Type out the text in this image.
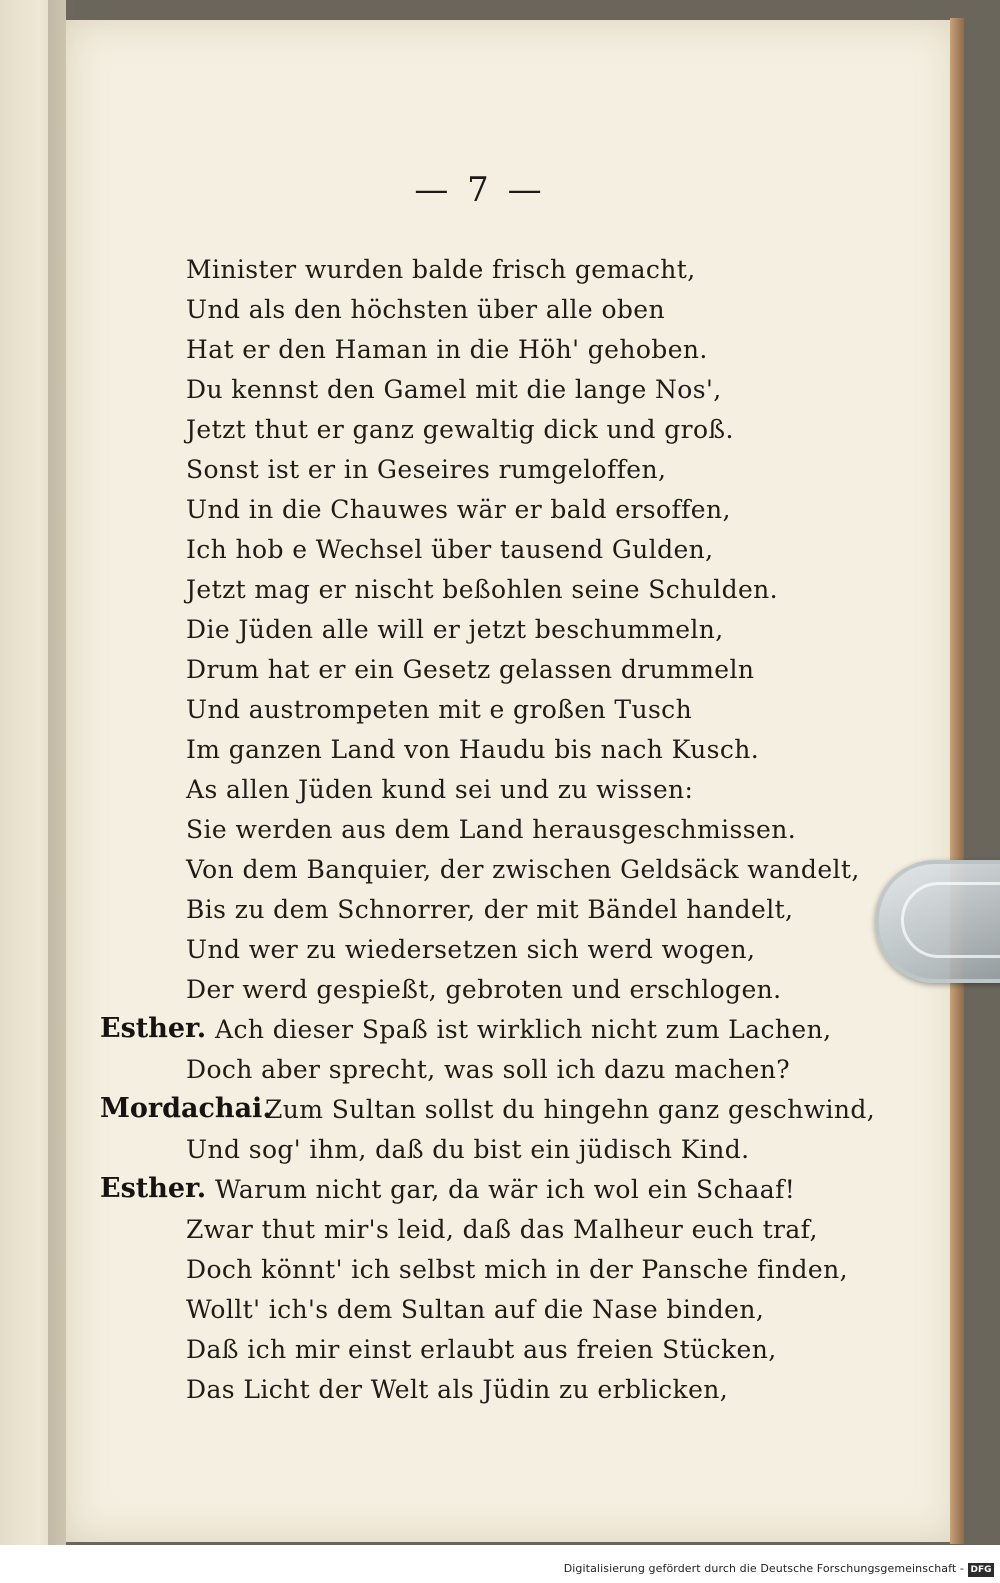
— 7 —
Minister wurden balde frisch gemacht,
Und als den höchsten über alle oben
Hat er den Haman in die Höh' gehoben.
Du kennst den Gamel mit die lange Nos',
Jetzt thut er ganz gewaltig dick und groß.
Sonst ist er in Geseires rumgeloffen,
Und in die Chauwes wär er bald ersoffen,
Ich hob e Wechsel über tausend Gulden,
Jetzt mag er nischt beßohlen seine Schulden.
Die Jüden alle will er jetzt beschummeln,
Drum hat er ein Gesetz gelassen drummeln
Und austrompeten mit e großen Tusch
Im ganzen Land von Haudu bis nach Kusch.
As allen Jüden kund sei und zu wissen:
Sie werden aus dem Land herausgeschmissen.
Von dem Banquier, der zwischen Geldsäck wandelt,
Bis zu dem Schnorrer, der mit Bändel handelt,
Und wer zu wiedersetzen sich werd wogen,
Der werd gespießt, gebroten und erschlogen.
Esther. Ach dieser Spaß ist wirklich nicht zum Lachen,
Doch aber sprecht, was soll ich dazu machen?
Mordachai.
Zum Sultan sollst du hingehn ganz geschwind,
Und sog' ihm, daß du bist ein jüdisch Kind.
Esther. Warum nicht gar, da wär ich wol ein Schaaf!
Zwar thut mir's leid, daß das Malheur euch traf,
Doch könnt' ich selbst mich in der Pansche finden,
Wollt' ich's dem Sultan auf die Nase binden,
Daß ich mir einst erlaubt aus freien Stücken,
Das Licht der Welt als Jüdin zu erblicken,
Digitalisierung gefördert durch die Deutsche Forschungsgemeinschaft - DFG
